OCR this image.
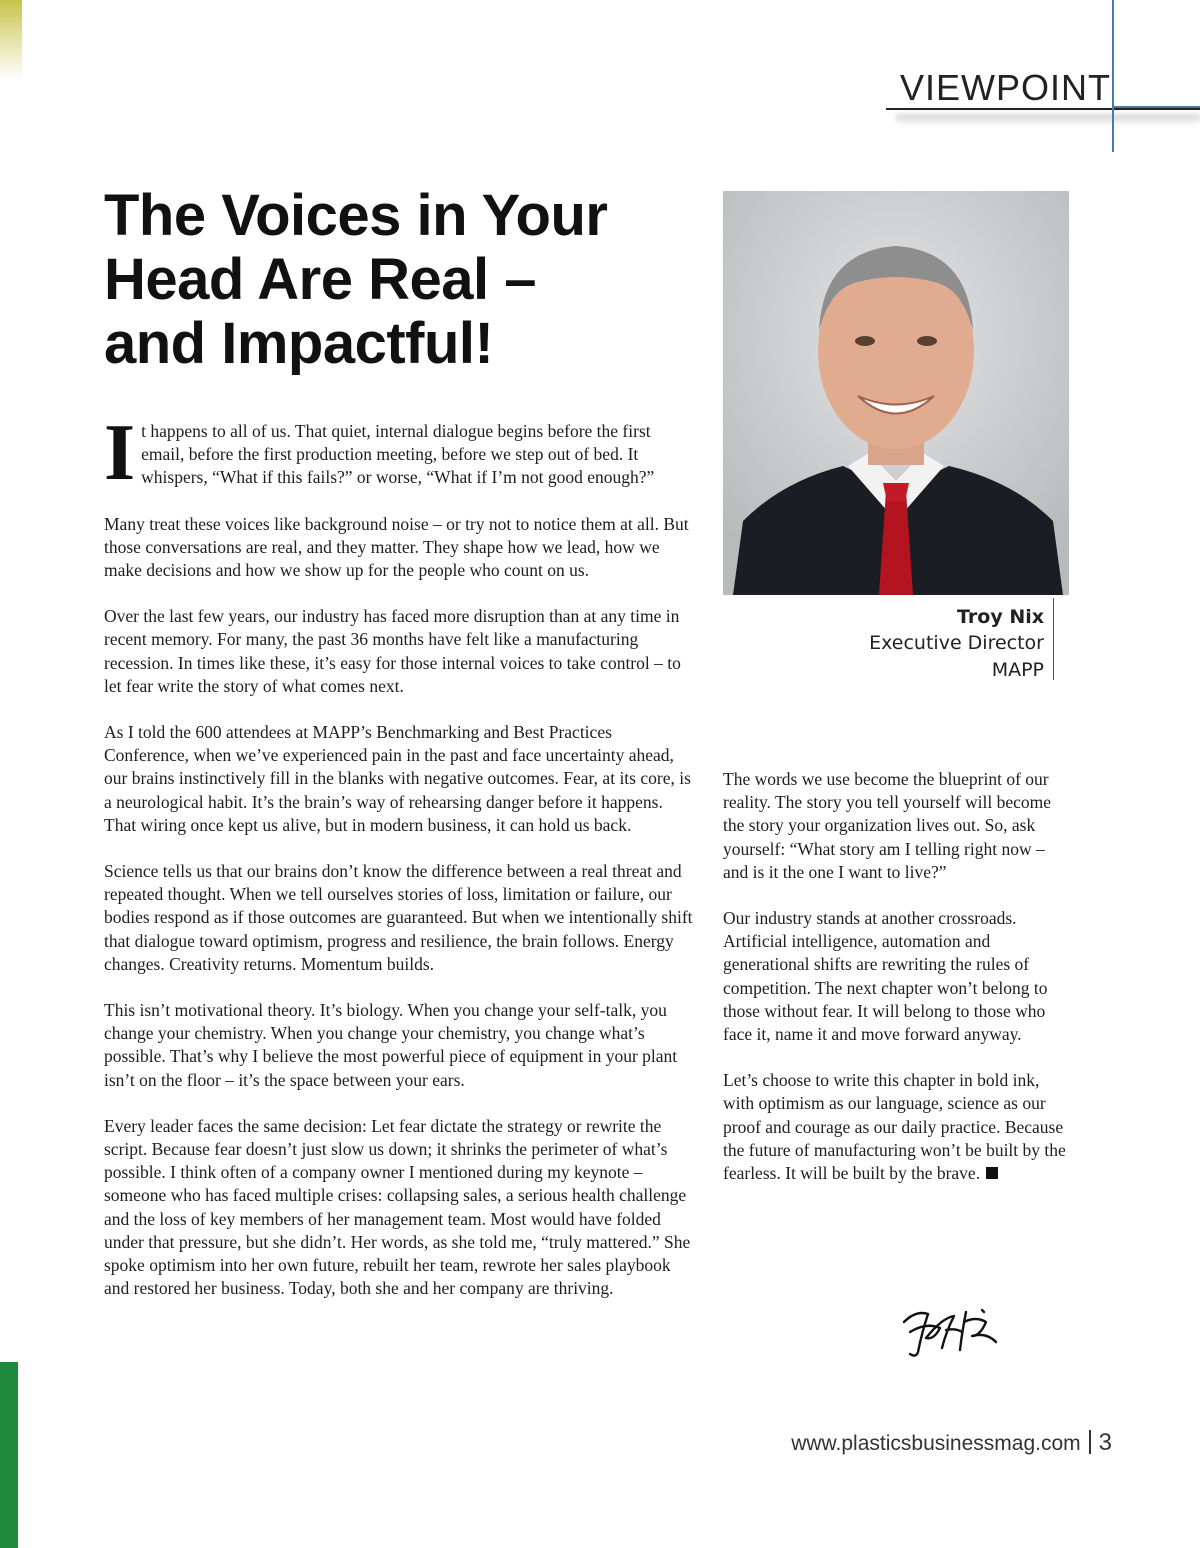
VIEWPOINT
The Voices in Your
Head Are Real –
and Impactful!

It happens to all of us. That quiet, internal dialogue begins before the first email, before the first production meeting, before we step out of bed. It whispers, “What if this fails?” or worse, “What if I’m not good enough?”

Many treat these voices like background noise – or try not to notice them at all. But those conversations are real, and they matter. They shape how we lead, how we make decisions and how we show up for the people who count on us.

Over the last few years, our industry has faced more disruption than at any time in recent memory. For many, the past 36 months have felt like a manufacturing recession. In times like these, it’s easy for those internal voices to take control – to let fear write the story of what comes next.

As I told the 600 attendees at MAPP’s Benchmarking and Best Practices Conference, when we’ve experienced pain in the past and face uncertainty ahead, our brains instinctively fill in the blanks with negative outcomes. Fear, at its core, is a neurological habit. It’s the brain’s way of rehearsing danger before it happens. That wiring once kept us alive, but in modern business, it can hold us back.

Science tells us that our brains don’t know the difference between a real threat and repeated thought. When we tell ourselves stories of loss, limitation or failure, our bodies respond as if those outcomes are guaranteed. But when we intentionally shift that dialogue toward optimism, progress and resilience, the brain follows. Energy changes. Creativity returns. Momentum builds.

This isn’t motivational theory. It’s biology. When you change your self-talk, you change your chemistry. When you change your chemistry, you change what’s possible. That’s why I believe the most powerful piece of equipment in your plant isn’t on the floor – it’s the space between your ears.

Every leader faces the same decision: Let fear dictate the strategy or rewrite the script. Because fear doesn’t just slow us down; it shrinks the perimeter of what’s possible. I think often of a company owner I mentioned during my keynote – someone who has faced multiple crises: collapsing sales, a serious health challenge and the loss of key members of her management team. Most would have folded under that pressure, but she didn’t. Her words, as she told me, “truly mattered.” She spoke optimism into her own future, rebuilt her team, rewrote her sales playbook and restored her business. Today, both she and her company are thriving.

Troy Nix
Executive Director
MAPP

The words we use become the blueprint of our reality. The story you tell yourself will become the story your organization lives out. So, ask yourself: “What story am I telling right now – and is it the one I want to live?”

Our industry stands at another crossroads. Artificial intelligence, automation and generational shifts are rewriting the rules of competition. The next chapter won’t belong to those without fear. It will belong to those who face it, name it and move forward anyway.

Let’s choose to write this chapter in bold ink, with optimism as our language, science as our proof and courage as our daily practice. Because the future of manufacturing won’t be built by the fearless. It will be built by the brave.

www.plasticsbusinessmag.com 3
